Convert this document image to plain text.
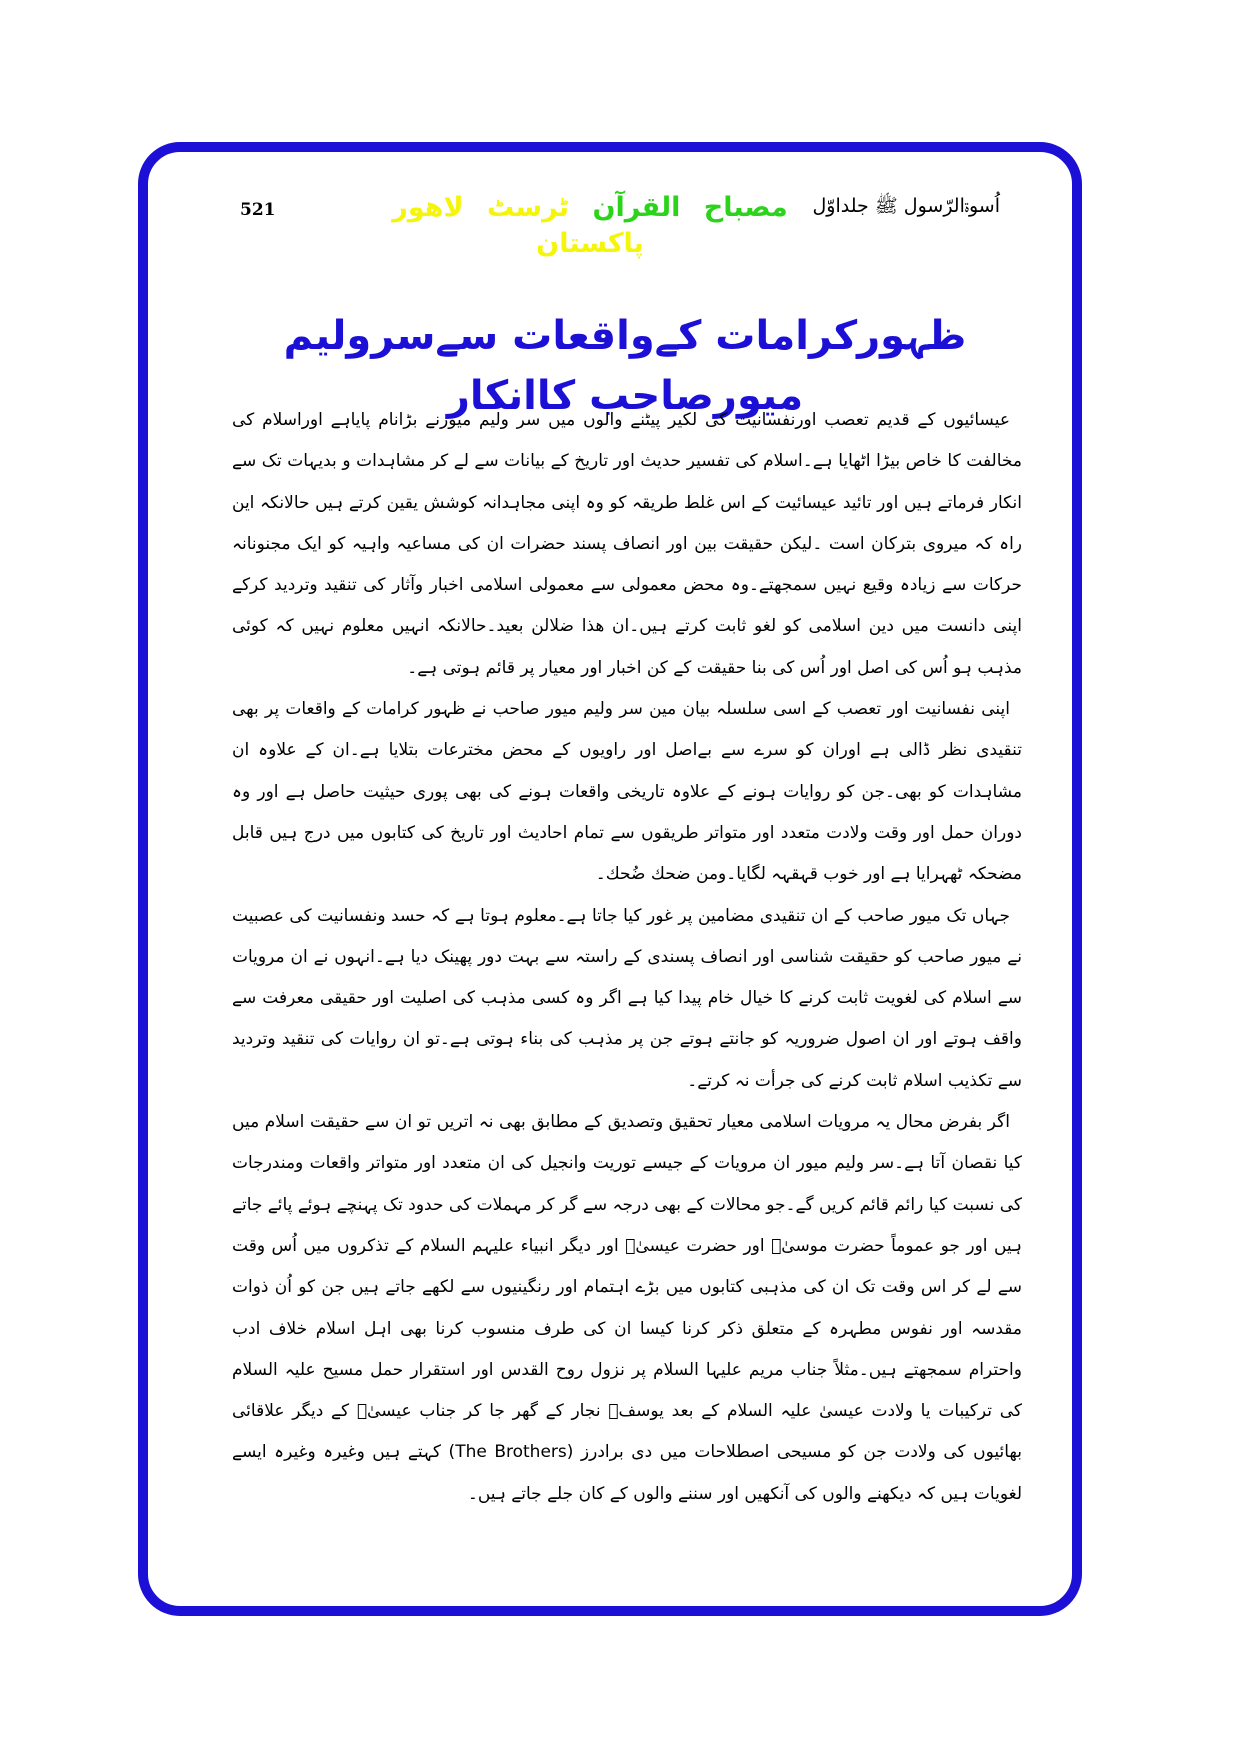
521	مصباح القرآن ٹرسٹ لاھور پاکستان
اُسوۃالرّسول ﷺ جلداوّل
ظہورکرامات کےواقعات سےسرولیم میورصاحب کاانکار

عیسائیوں کے قدیم تعصب اورنفسانیت کی لکیر پیٹنے والوں میں سر ولیم میورنے بڑانام پایاہے اوراسلام کی مخالفت کا خاص بیڑا اٹھایا ہے۔اسلام کی تفسیر حدیث اور تاریخ کے بیانات سے لے کر مشاہدات و بدیہات تک سے انکار فرماتے ہیں اور تائید عیسائیت کے اس غلط طریقہ کو وہ اپنی مجاہدانہ کوشش یقین کرتے ہیں حالانکہ این راہ کہ میروی بترکان است ۔لیکن حقیقت بین اور انصاف پسند حضرات ان کی مساعیہ واہیہ کو ایک مجنونانہ حرکات سے زیادہ وقیع نہیں سمجھتے۔وہ محض معمولی سے معمولی اسلامی اخبار وآثار کی تنقید وتردید کرکے اپنی دانست میں دین اسلامی کو لغو ثابت کرتے ہیں۔ان ھذا ضلالن بعید۔حالانکہ انہیں معلوم نہیں کہ کوئی مذہب ہو اُس کی اصل اور اُس کی بنا حقیقت کے کن اخبار اور معیار پر قائم ہوتی ہے۔

اپنی نفسانیت اور تعصب کے اسی سلسلہ بیان مین سر ولیم میور صاحب نے ظہور کرامات کے واقعات پر بھی تنقیدی نظر ڈالی ہے اوران کو سرے سے بےاصل اور راویوں کے محض مخترعات بتلایا ہے۔ان کے علاوہ ان مشاہدات کو بھی۔جن کو روایات ہونے کے علاوہ تاریخی واقعات ہونے کی بھی پوری حیثیت حاصل ہے اور وہ دوران حمل اور وقت ولادت متعدد اور متواتر طریقوں سے تمام احادیث اور تاریخ کی کتابوں میں درج ہیں قابل مضحکہ ٹھہرایا ہے اور خوب قہقہہ لگایا۔ومن ضحك ضُحك۔

جہاں تک میور صاحب کے ان تنقیدی مضامین پر غور کیا جاتا ہے۔معلوم ہوتا ہے کہ حسد ونفسانیت کی عصبیت نے میور صاحب کو حقیقت شناسی اور انصاف پسندی کے راستہ سے بہت دور پھینک دیا ہے۔انہوں نے ان مرویات سے اسلام کی لغویت ثابت کرنے کا خیال خام پیدا کیا ہے اگر وہ کسی مذہب کی اصلیت اور حقیقی معرفت سے واقف ہوتے اور ان اصول ضروریہ کو جانتے ہوتے جن پر مذہب کی بناء ہوتی ہے۔تو ان روایات کی تنقید وتردید سے تکذیب اسلام ثابت کرنے کی جرأت نہ کرتے۔

اگر بفرض محال یہ مرویات اسلامی معیار تحقیق وتصدیق کے مطابق بھی نہ اتریں تو ان سے حقیقت اسلام میں کیا نقصان آتا ہے۔سر ولیم میور ان مرویات کے جیسے توریت وانجیل کی ان متعدد اور متواتر واقعات ومندرجات کی نسبت کیا رائم قائم کریں گے۔جو محالات کے بھی درجہ سے گر کر مہملات کی حدود تک پہنچے ہوئے پائے جاتے ہیں اور جو عموماً حضرت موسیٰؑ اور حضرت عیسیٰؑ اور دیگر انبیاء علیہم السلام کے تذکروں میں اُس وقت سے لے کر اس وقت تک ان کی مذہبی کتابوں میں بڑے اہتمام اور رنگینیوں سے لکھے جاتے ہیں جن کو اُن ذوات مقدسہ اور نفوس مطہرہ کے متعلق ذکر کرنا کیسا ان کی طرف منسوب کرنا بھی اہل اسلام خلاف ادب واحترام سمجھتے ہیں۔مثلاً جناب مریم علیہا السلام پر نزول روح القدس اور استقرار حمل مسیح علیہ السلام کی ترکیبات یا ولادت عیسیٰ علیہ السلام کے بعد یوسفؑ نجار کے گھر جا کر جناب عیسیٰؑ کے دیگر علاقائی بھائیوں کی ولادت جن کو مسیحی اصطلاحات میں دی برادرز (The Brothers) کہتے ہیں وغیرہ وغیرہ ایسے لغویات ہیں کہ دیکھنے والوں کی آنکھیں اور سننے والوں کے کان جلے جاتے ہیں۔
